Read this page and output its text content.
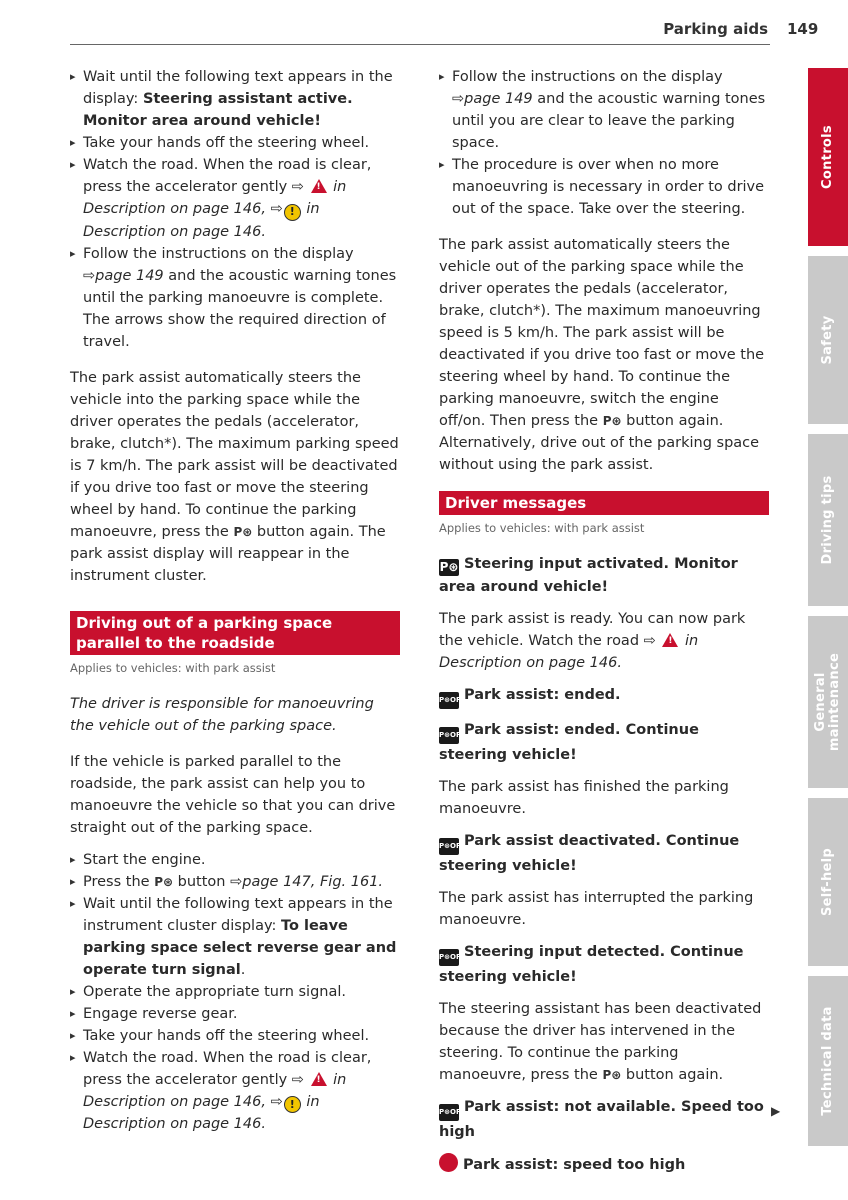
Parking aids 149
▸ Wait until the following text appears in the display: Steering assistant active. Monitor area around vehicle!
▸ Take your hands off the steering wheel.
▸ Watch the road. When the road is clear, press the accelerator gently ⇨ ! in Description on page 146, ⇨ ! in Description on page 146.
▸ Follow the instructions on the display ⇨page 149 and the acoustic warning tones until the parking manoeuvre is complete. The arrows show the required direction of travel.

The park assist automatically steers the vehicle into the parking space while the driver operates the pedals (accelerator, brake, clutch*). The maximum parking speed is 7 km/h. The park assist will be deactivated if you drive too fast or move the steering wheel by hand. To continue the parking manoeuvre, press the P⊛ button again. The park assist display will reappear in the instrument cluster.

Driving out of a parking space parallel to the roadside
Applies to vehicles: with park assist

The driver is responsible for manoeuvring the vehicle out of the parking space.

If the vehicle is parked parallel to the roadside, the park assist can help you to manoeuvre the vehicle so that you can drive straight out of the parking space.

▸ Start the engine.
▸ Press the P⊛ button ⇨page 147, Fig. 161.
▸ Wait until the following text appears in the instrument cluster display: To leave parking space select reverse gear and operate turn signal.
▸ Operate the appropriate turn signal.
▸ Engage reverse gear.
▸ Take your hands off the steering wheel.
▸ Watch the road. When the road is clear, press the accelerator gently ⇨ ! in Description on page 146, ⇨ ! in Description on page 146.
▸ Follow the instructions on the display ⇨page 149 and the acoustic warning tones until you are clear to leave the parking space.
▸ The procedure is over when no more manoeuvring is necessary in order to drive out of the space. Take over the steering.

The park assist automatically steers the vehicle out of the parking space while the driver operates the pedals (accelerator, brake, clutch*). The maximum manoeuvring speed is 5 km/h. The park assist will be deactivated if you drive too fast or move the steering wheel by hand. To continue the parking manoeuvre, switch the engine off/on. Then press the P⊛ button again. Alternatively, drive out of the parking space without using the park assist.

Driver messages
Applies to vehicles: with park assist

P⊛ Steering input activated. Monitor area around vehicle!

The park assist is ready. You can now park the vehicle. Watch the road ⇨ ! in Description on page 146.

P⊛OFFPark assist: ended.

P⊛OFFPark assist: ended. Continue steering vehicle!

The park assist has finished the parking manoeuvre.

P⊛OFFPark assist deactivated. Continue steering vehicle!

The park assist has interrupted the parking manoeuvre.

P⊛OFFSteering input detected. Continue steering vehicle!

The steering assistant has been deactivated because the driver has intervened in the steering. To continue the parking manoeuvre, press the P⊛ button again.

P⊛OFFPark assist: not available. Speed too high

Park assist: speed too high

▶
Controls
Safety
Driving tips
General maintenance
Self-help
Technical data
